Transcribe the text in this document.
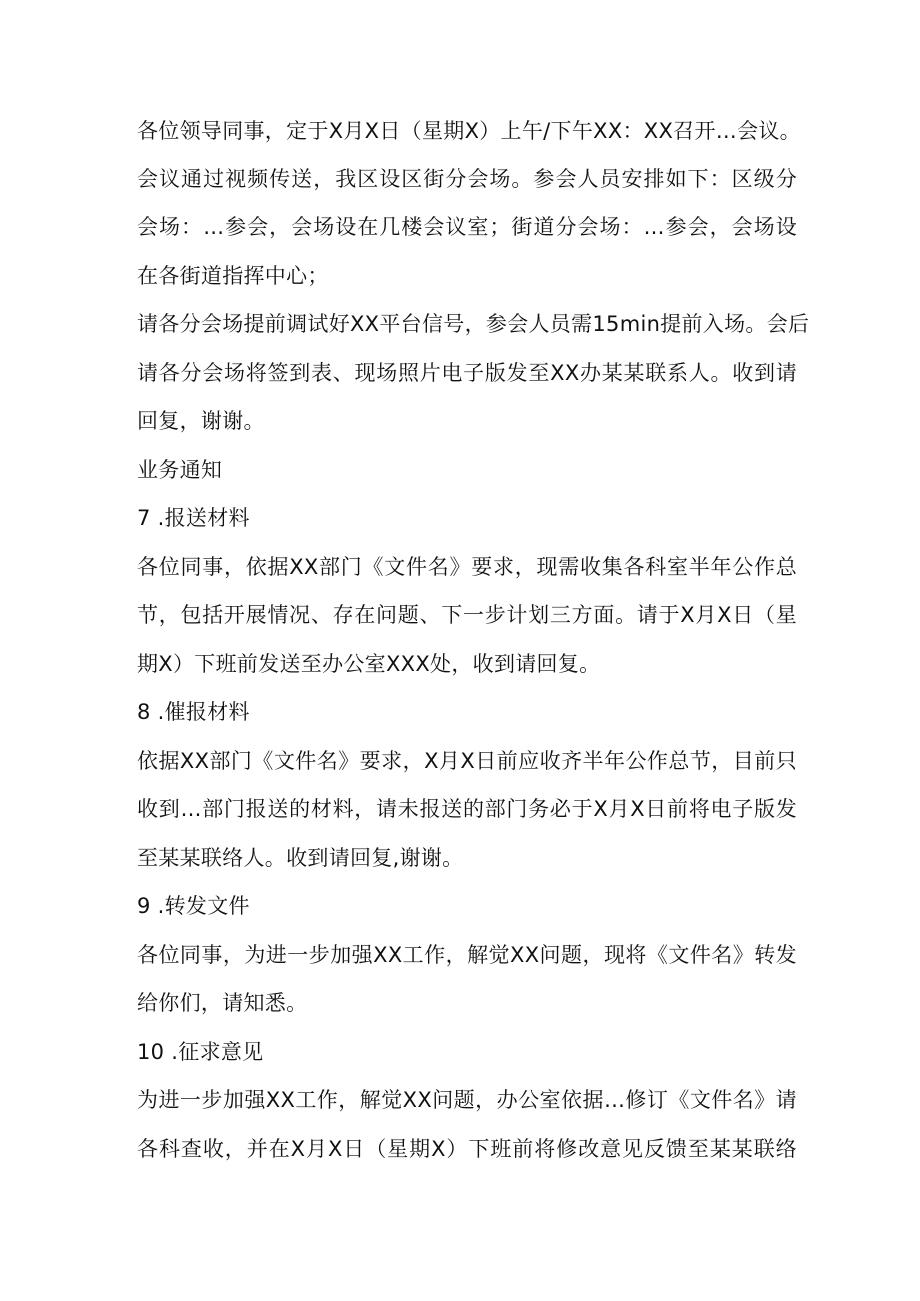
各位领导同事，定于X月X日（星期X）上午/下午XX：XX召开…会议。
会议通过视频传送，我区设区街分会场。参会人员安排如下：区级分
会场：…参会，会场设在几楼会议室；街道分会场：…参会，会场设
在各街道指挥中心；
请各分会场提前调试好XX平台信号，参会人员需15min提前入场。会后
请各分会场将签到表、现场照片电子版发至XX办某某联系人。收到请
回复，谢谢。
业务通知
7 .报送材料
各位同事，依据XX部门《文件名》要求，现需收集各科室半年公作总
节，包括开展情况、存在问题、下一步计划三方面。请于X月X日（星
期X）下班前发送至办公室XXX处，收到请回复。
8 .催报材料
依据XX部门《文件名》要求，X月X日前应收齐半年公作总节，目前只
收到…部门报送的材料，请未报送的部门务必于X月X日前将电子版发
至某某联络人。收到请回复,谢谢。
9 .转发文件
各位同事，为进一步加强XX工作，解觉XX问题，现将《文件名》转发
给你们，请知悉。
10 .征求意见
为进一步加强XX工作，解觉XX问题，办公室依据…修订《文件名》请
各科查收，并在X月X日（星期X）下班前将修改意见反馈至某某联络
